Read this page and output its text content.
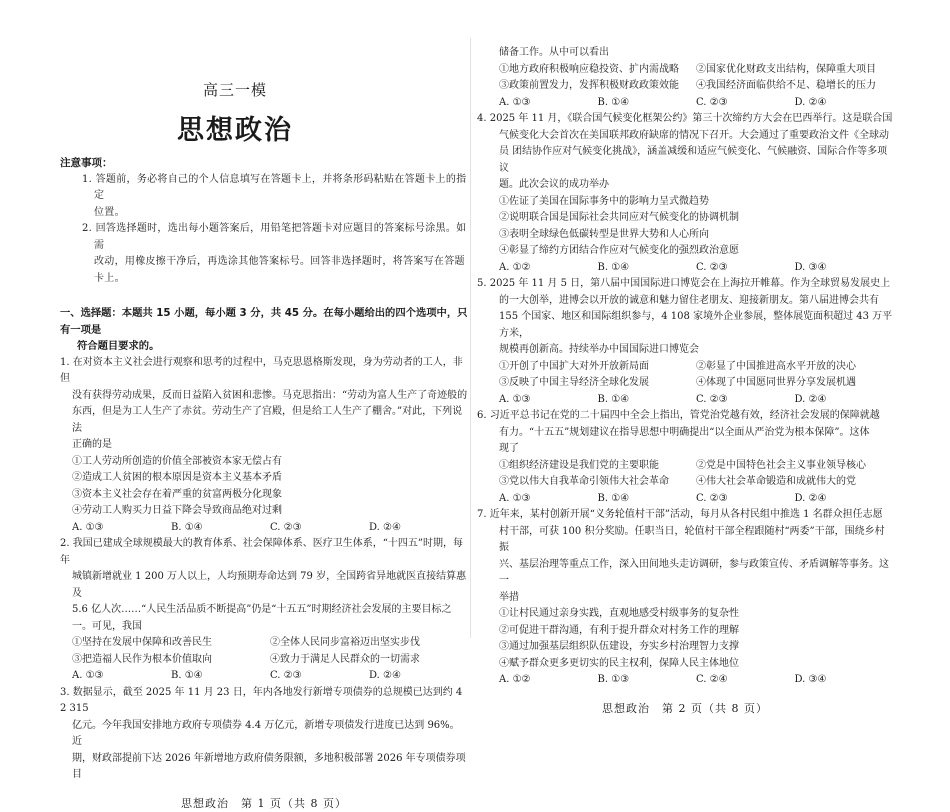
高三一模
思想政治
注意事项：
1. 答题前，务必将自己的个人信息填写在答题卡上，并将条形码粘贴在答题卡上的指定
位置。
2. 回答选择题时，选出每小题答案后，用铅笔把答题卡对应题目的答案标号涂黑。如需
改动，用橡皮擦干净后，再选涂其他答案标号。回答非选择题时，将答案写在答题
卡上。
一、选择题：本题共 15 小题，每小题 3 分，共 45 分。在每小题给出的四个选项中，只有一项是
符合题目要求的。
1. 在对资本主义社会进行观察和思考的过程中，马克思恩格斯发现，身为劳动者的工人，非但
没有获得劳动成果，反而日益陷入贫困和悲惨。马克思指出：“劳动为富人生产了奇迹般的
东西，但是为工人生产了赤贫。劳动生产了宫殿，但是给工人生产了棚舍。”对此，下列说法
正确的是
①工人劳动所创造的价值全部被资本家无偿占有
②造成工人贫困的根本原因是资本主义基本矛盾
③资本主义社会存在着严重的贫富两极分化现象
④劳动工人购买力日益下降会导致商品绝对过剩
A. ①③	B. ①④	C. ②③	D. ②④
2. 我国已建成全球规模最大的教育体系、社会保障体系、医疗卫生体系，“十四五”时期，每年
城镇新增就业 1 200 万人以上，人均预期寿命达到 79 岁，全国跨省异地就医直接结算惠及
5.6 亿人次……“人民生活品质不断提高”仍是“十五五”时期经济社会发展的主要目标之
一。可见，我国
①坚持在发展中保障和改善民生	②全体人民同步富裕迈出坚实步伐
③把造福人民作为根本价值取向	④致力于满足人民群众的一切需求
A. ①③	B. ①④	C. ②③	D. ②④
3. 数据显示，截至 2025 年 11 月 23 日，年内各地发行新增专项债券的总规模已达到约 42 315
亿元。今年我国安排地方政府专项债券 4.4 万亿元，新增专项债发行进度已达到 96%。近
期，财政部提前下达 2026 年新增地方政府债务限额，多地积极部署 2026 年专项债券项目
思想政治　第 1 页（共 8 页）
储备工作。从中可以看出
①地方政府积极响应稳投资、扩内需战略	②国家优化财政支出结构，保障重大项目
③政策前置发力，发挥积极财政政策效能	④我国经济面临供给不足、稳增长的压力
A. ①③	B. ①④	C. ②③	D. ②④
4. 2025 年 11 月，《联合国气候变化框架公约》第三十次缔约方大会在巴西举行。这是联合国
气候变化大会首次在美国联邦政府缺席的情况下召开。大会通过了重要政治文件《全球动
员 团结协作应对气候变化挑战》，涵盖减缓和适应气候变化、气候融资、国际合作等多项议
题。此次会议的成功举办
①佐证了美国在国际事务中的影响力呈式微趋势
②说明联合国是国际社会共同应对气候变化的协调机制
③表明全球绿色低碳转型是世界大势和人心所向
④彰显了缔约方团结合作应对气候变化的强烈政治意愿
A. ①②	B. ①④	C. ②③	D. ③④
5. 2025 年 11 月 5 日，第八届中国国际进口博览会在上海拉开帷幕。作为全球贸易发展史上
的一大创举，进博会以开放的诚意和魅力留住老朋友、迎接新朋友。第八届进博会共有
155 个国家、地区和国际组织参与，4 108 家境外企业参展，整体展览面积超过 43 万平方米，
规模再创新高。持续举办中国国际进口博览会
①开创了中国扩大对外开放新局面	②彰显了中国推进高水平开放的决心
③反映了中国主导经济全球化发展	④体现了中国愿同世界分享发展机遇
A. ①③	B. ①④	C. ②③	D. ②④
6. 习近平总书记在党的二十届四中全会上指出，管党治党越有效，经济社会发展的保障就越
有力。“十五五”规划建议在指导思想中明确提出“以全面从严治党为根本保障”。这体
现了
①组织经济建设是我们党的主要职能	②党是中国特色社会主义事业领导核心
③党以伟大自我革命引领伟大社会革命	④伟大社会革命锻造和成就伟大的党
A. ①③	B. ①④	C. ②③	D. ②④
7. 近年来，某村创新开展“义务轮值村干部”活动，每月从各村民组中推选 1 名群众担任志愿
村干部，可获 100 积分奖励。任职当日，轮值村干部全程跟随村“两委”干部，围绕乡村振
兴、基层治理等重点工作，深入田间地头走访调研，参与政策宣传、矛盾调解等事务。这一
举措
①让村民通过亲身实践，直观地感受村级事务的复杂性
②可促进干群沟通，有利于提升群众对村务工作的理解
③通过加强基层组织队伍建设，夯实乡村治理智力支撑
④赋予群众更多更切实的民主权利，保障人民主体地位
A. ①②	B. ①③	C. ②④	D. ③④
思想政治　第 2 页（共 8 页）
